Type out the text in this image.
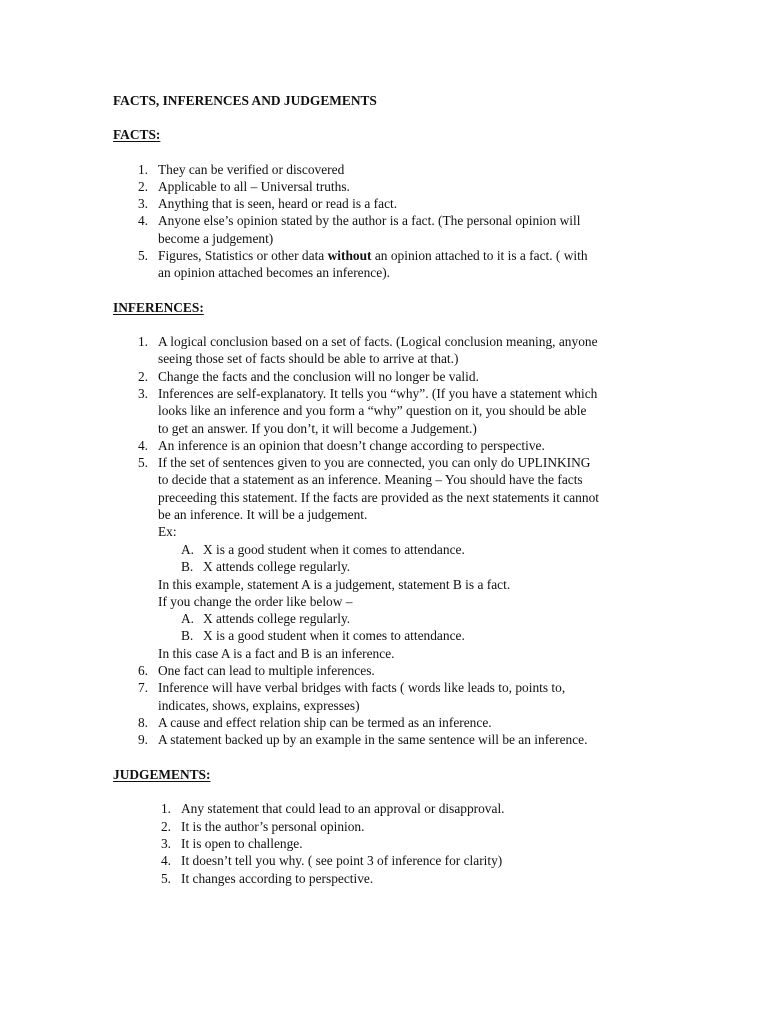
FACTS, INFERENCES AND JUDGEMENTS
FACTS:
1. They can be verified or discovered
2. Applicable to all – Universal truths.
3. Anything that is seen, heard or read is a fact.
4. Anyone else’s opinion stated by the author is a fact. (The personal opinion will
become a judgement)
5. Figures, Statistics or other data without an opinion attached to it is a fact. ( with
an opinion attached becomes an inference).
INFERENCES:
1. A logical conclusion based on a set of facts. (Logical conclusion meaning, anyone
seeing those set of facts should be able to arrive at that.)
2. Change the facts and the conclusion will no longer be valid.
3. Inferences are self-explanatory. It tells you “why”. (If you have a statement which
looks like an inference and you form a “why” question on it, you should be able
to get an answer. If you don’t, it will become a Judgement.)
4. An inference is an opinion that doesn’t change according to perspective.
5. If the set of sentences given to you are connected, you can only do UPLINKING
to decide that a statement as an inference. Meaning – You should have the facts
preceeding this statement. If the facts are provided as the next statements it cannot
be an inference. It will be a judgement.
Ex:
A. X is a good student when it comes to attendance.
B. X attends college regularly.
In this example, statement A is a judgement, statement B is a fact.
If you change the order like below –
A. X attends college regularly.
B. X is a good student when it comes to attendance.
In this case A is a fact and B is an inference.
6. One fact can lead to multiple inferences.
7. Inference will have verbal bridges with facts ( words like leads to, points to,
indicates, shows, explains, expresses)
8. A cause and effect relation ship can be termed as an inference.
9. A statement backed up by an example in the same sentence will be an inference.
JUDGEMENTS:
1. Any statement that could lead to an approval or disapproval.
2. It is the author’s personal opinion.
3. It is open to challenge.
4. It doesn’t tell you why. ( see point 3 of inference for clarity)
5. It changes according to perspective.
